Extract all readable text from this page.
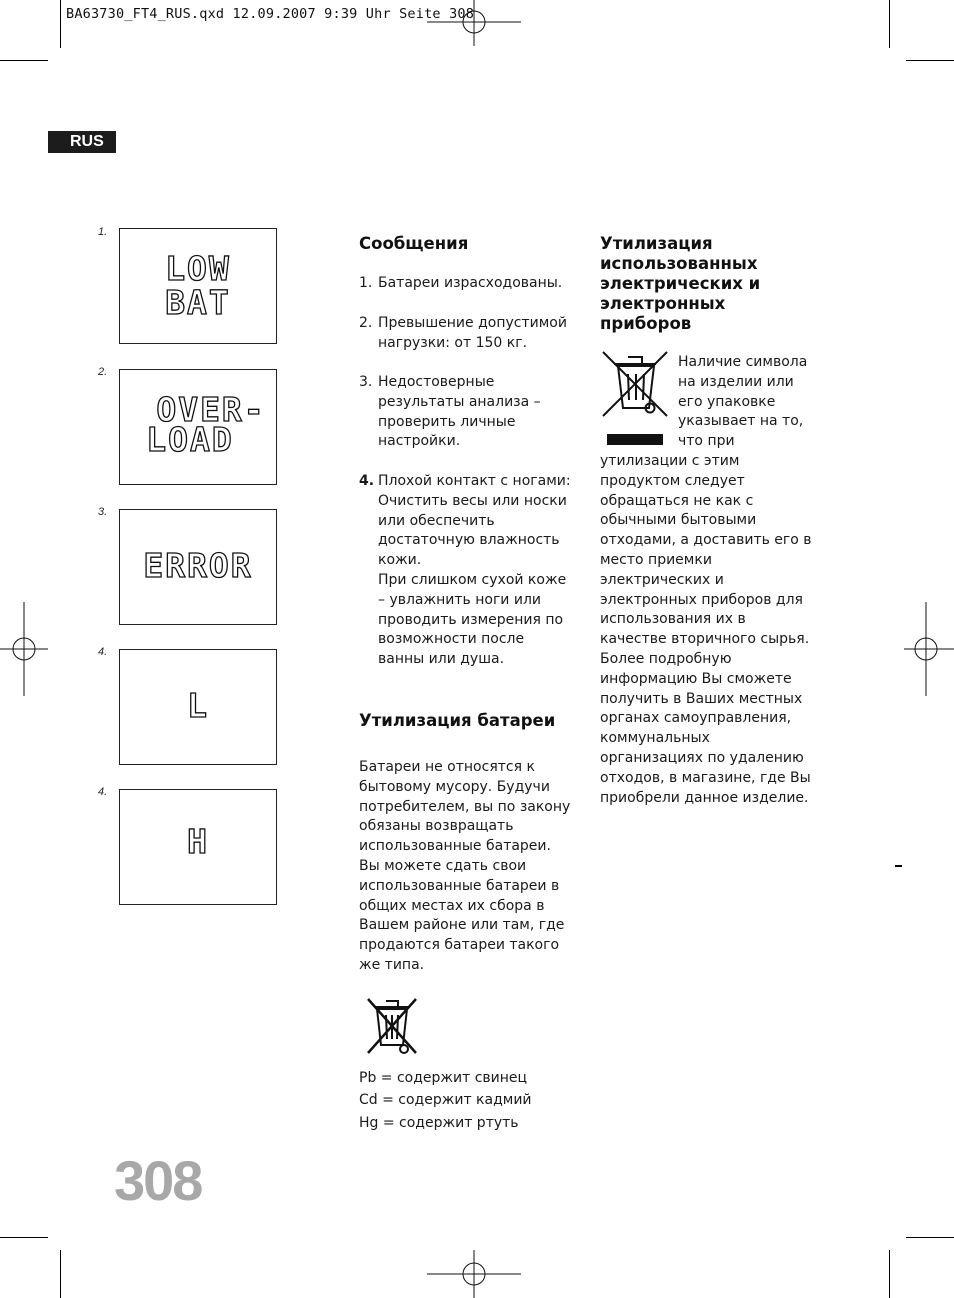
BA63730_FT4_RUS.qxd 12.09.2007 9:39 Uhr Seite 308
RUS
1.
LOW
BAT
2.
OVER-
LOAD
3.
ERROR
4.
L
4.
H
Сообщения
1. Батареи израсходованы.
2. Превышение допустимой нагрузки: от 150 кг.
3. Недостоверные результаты анализа – проверить личные настройки.
4. Плохой контакт с ногами: Очистить весы или носки или обеспечить достаточную влажность кожи.
При слишком сухой коже – увлажнить ноги или проводить измерения по возможности после ванны или душа.
Утилизация батареи
Батареи не относятся к бытовому мусору. Будучи потребителем, вы по закону обязаны возвращать использованные батареи. Вы можете сдать свои использованные батареи в общих местах их сбора в Вашем районе или там, где продаются батареи такого же типа.
Pb = содержит свинец
Cd = содержит кадмий
Hg = содержит ртуть
Утилизация использованных электрических и электронных приборов
Наличие символа на изделии или его упаковке указывает на то, что при
утилизации с этим продуктом следует обращаться не как с обычными бытовыми отходами, а доставить его в место приемки электрических и электронных приборов для использования их в качестве вторичного сырья. Более подробную информацию Вы сможете получить в Ваших местных органах самоуправления, коммунальных организациях по удалению отходов, в магазине, где Вы приобрели данное изделие.
308
